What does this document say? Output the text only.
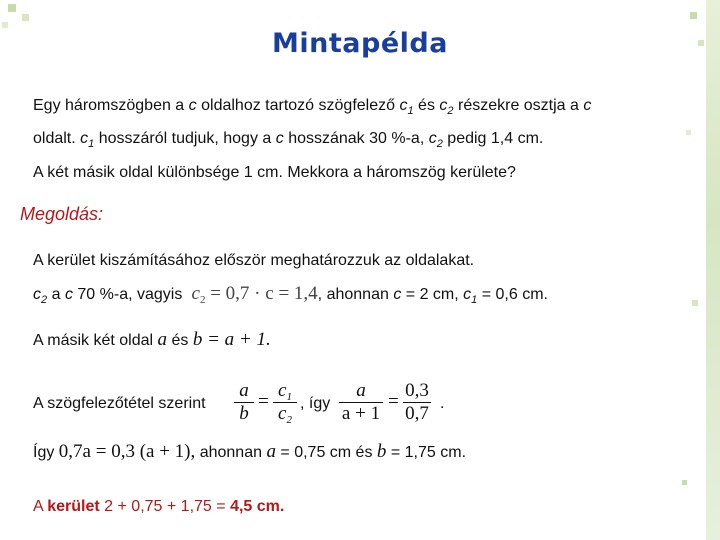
Mintapélda
Egy háromszögben a c oldalhoz tartozó szögfelező $c_1$ és $c_2$ részekre osztja a c
oldalt. $c_1$ hosszáról tudjuk, hogy a c hosszának 30 %-a, $c_2$ pedig 1,4 cm.
A két másik oldal különbsége 1 cm. Mekkora a háromszög kerülete?
Megoldás:
A kerület kiszámításához először meghatározzuk az oldalakat.
$c_2$ a c 70 %-a, vagyis $c_2 = 0,7 \cdot c = 1,4$, ahonnan c = 2 cm, $c_1 = 0,6$ cm.
A másik két oldal a és b = a + 1.
A szögfelezőtétel szerint
a
b
=
$c_1$
$c_2$
, így
a
a + 1
=
0,3
0,7 .
Így 0,7a = 0,3 (a + 1), ahonnan a = 0,75 cm és b = 1,75 cm.
A kerület 2 + 0,75 + 1,75 = 4,5 cm.
